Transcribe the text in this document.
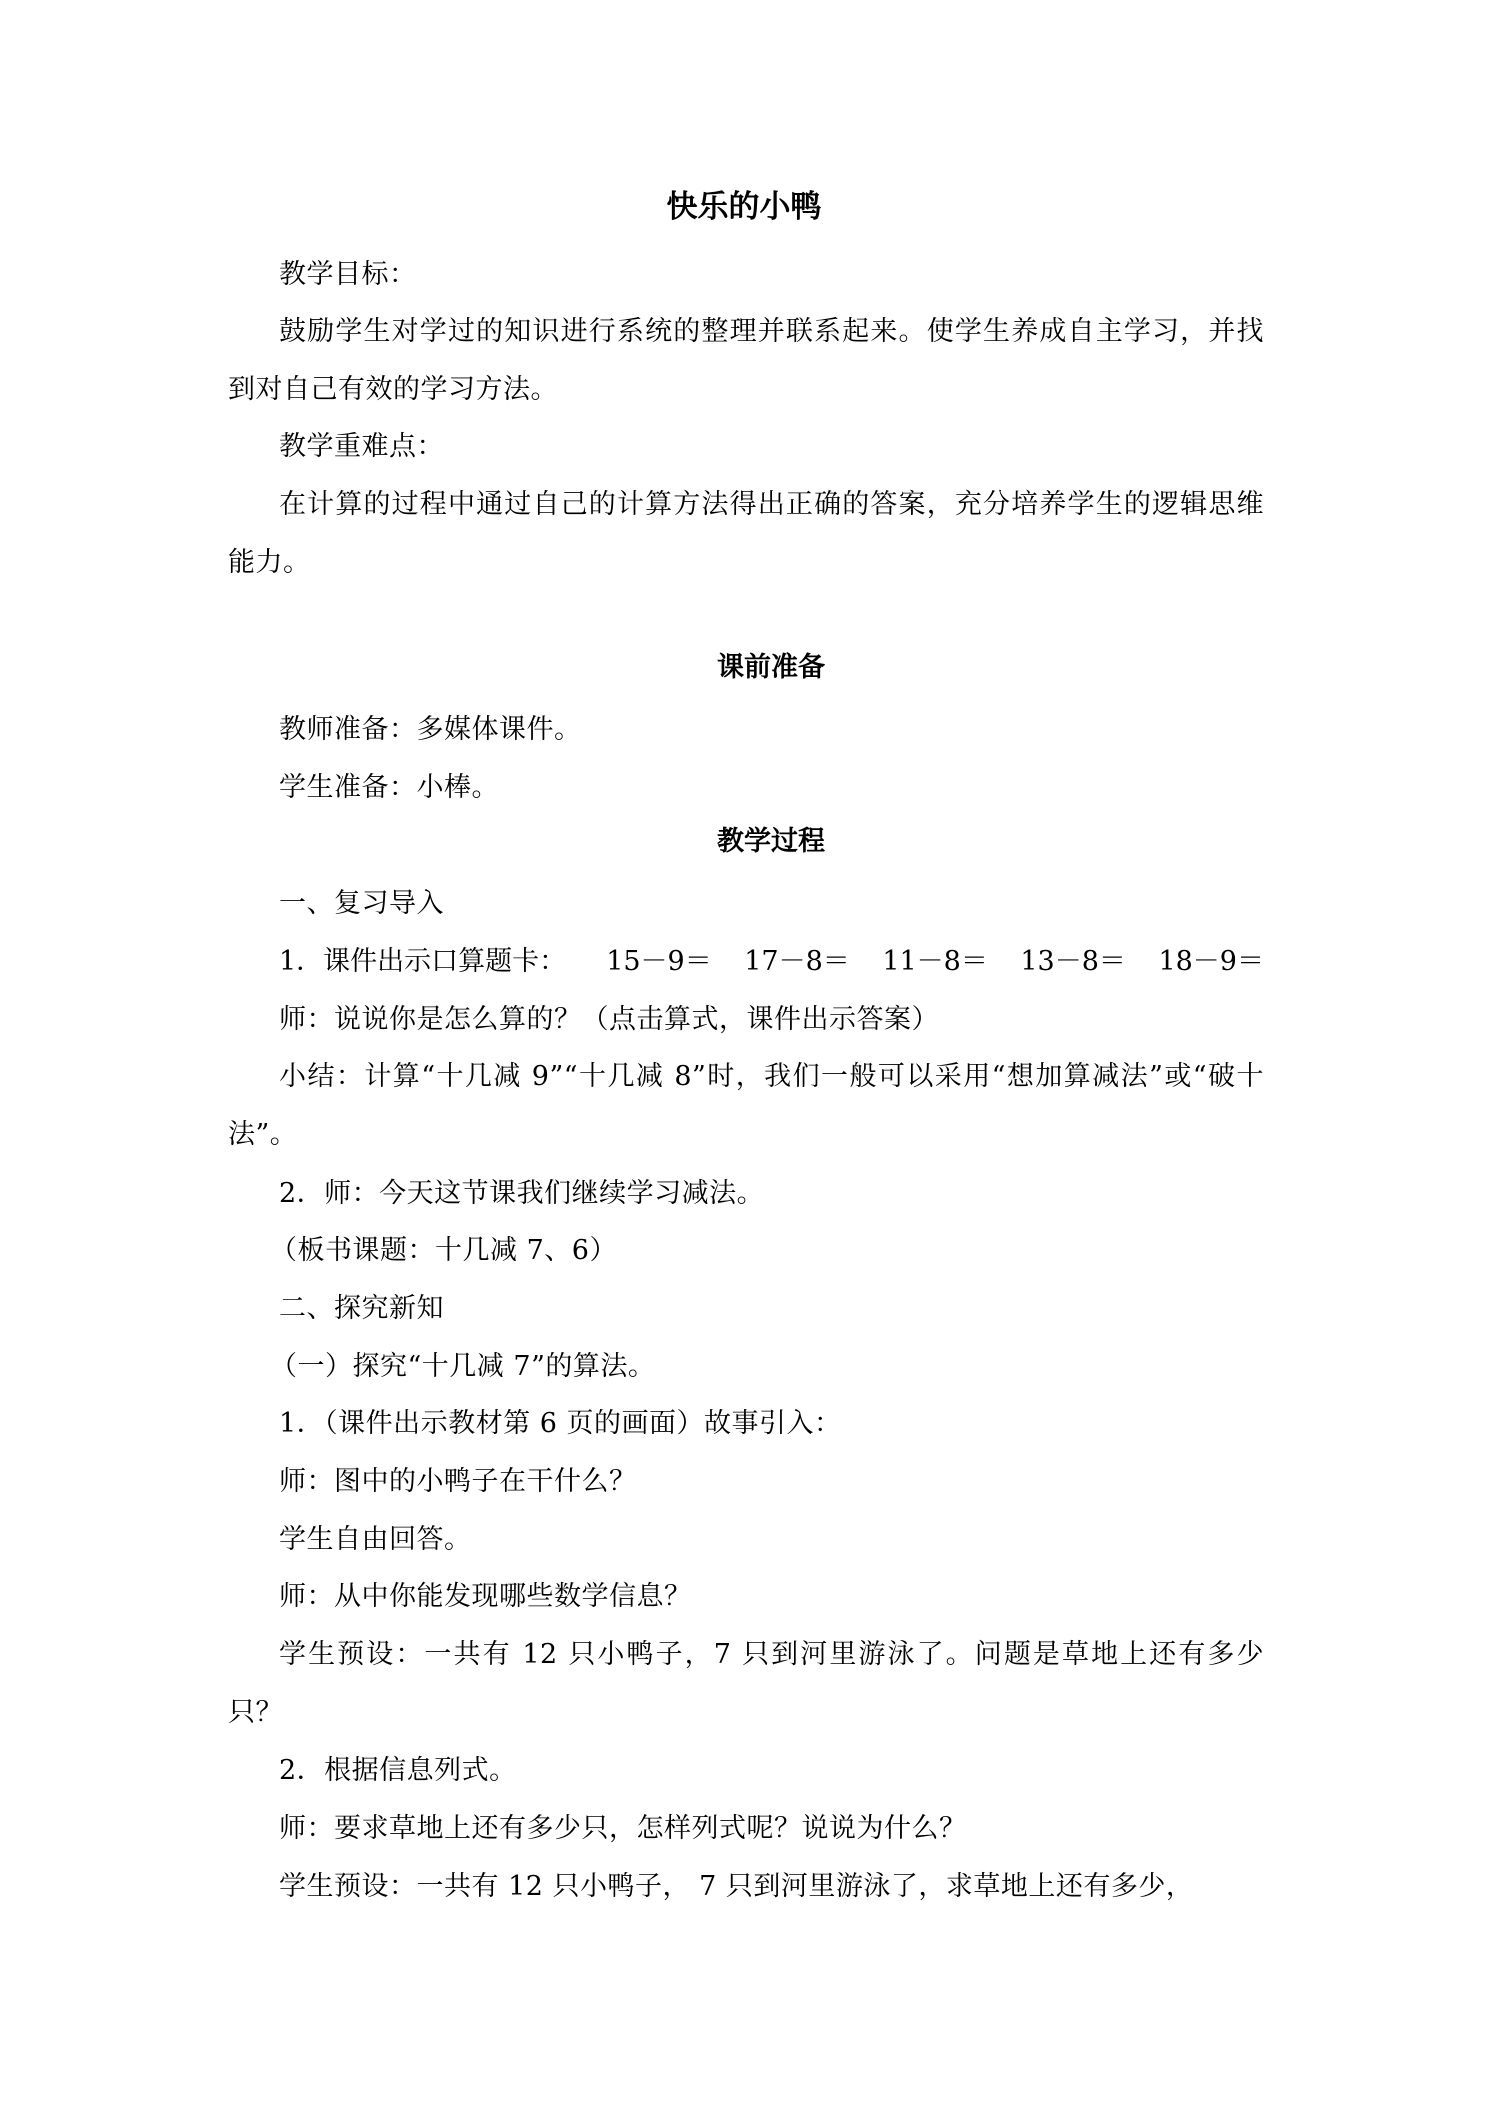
快乐的小鸭
教学目标：
鼓励学生对学过的知识进行系统的整理并联系起来。使学生养成自主学习，并找到对自己有效的学习方法。
教学重难点：
在计算的过程中通过自己的计算方法得出正确的答案，充分培养学生的逻辑思维能力。
课前准备
教师准备：多媒体课件。
学生准备：小棒。
教学过程
一、复习导入
1．课件出示口算题卡： 15－9＝ 17－8＝ 11－8＝ 13－8＝ 18－9＝
师：说说你是怎么算的？（点击算式，课件出示答案）
小结：计算“十几减 9”“十几减 8”时，我们一般可以采用“想加算减法”或“破十法”。
2．师：今天这节课我们继续学习减法。
（板书课题：十几减 7、6）
二、探究新知
（一）探究“十几减 7”的算法。
1．（课件出示教材第 6 页的画面）故事引入：
师：图中的小鸭子在干什么？
学生自由回答。
师：从中你能发现哪些数学信息？
学生预设：一共有 12 只小鸭子，7 只到河里游泳了。问题是草地上还有多少只？
2．根据信息列式。
师：要求草地上还有多少只，怎样列式呢？说说为什么？
学生预设：一共有 12 只小鸭子， 7 只到河里游泳了，求草地上还有多少，
